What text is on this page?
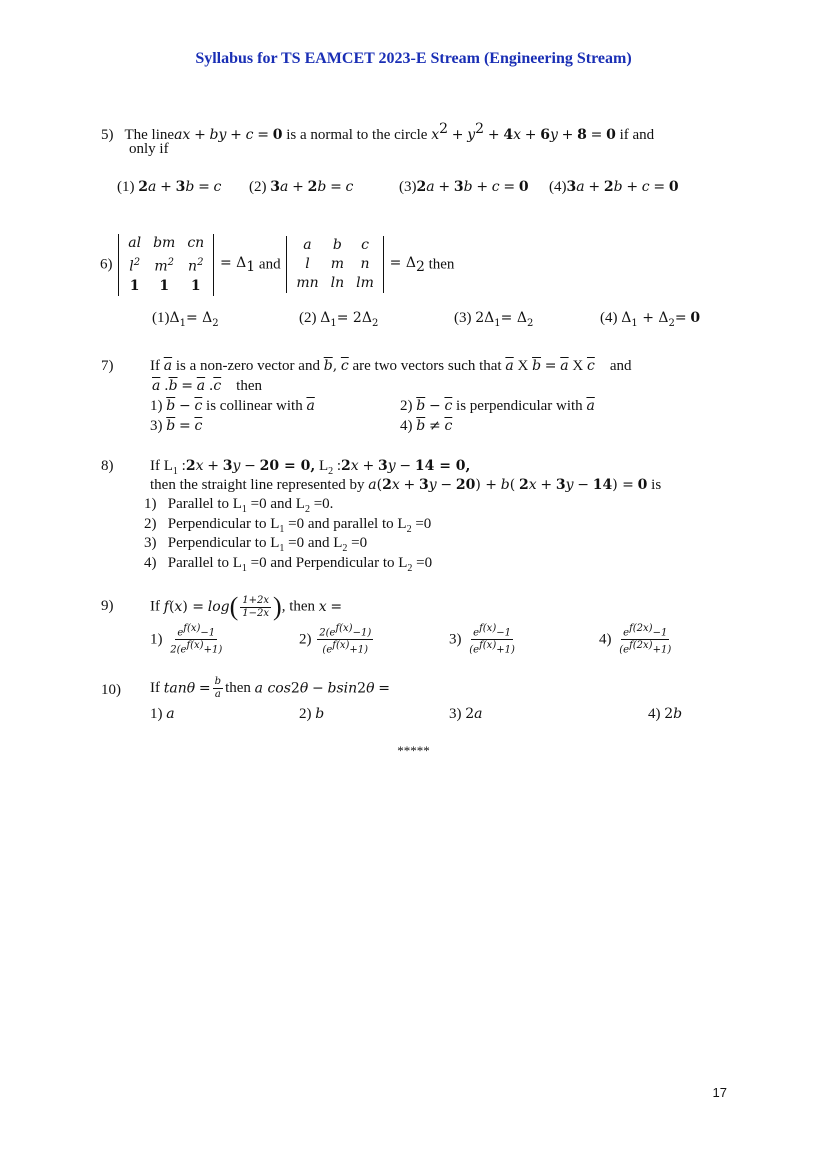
Syllabus for TS EAMCET 2023-E Stream (Engineering Stream)
5) The lineax + by + c = 0 is a normal to the circle $x^2 + y^2 + 4x + 6y + 8 = 0$ if and
only if
(1) 2a + 3b = c (2) 3a + 2b = c	(3)2a + 3b + c = 0 (4)3a + 2b + c = 0
6)
al	bm	cn
$l^2$	$m^2$	$n^2$
1	1	1
= $\Delta_1$ and
a	b	c
l	m	n
mn	ln	lm
= $\Delta_2$ then
$(1)\Delta_1= \Delta_2$	(2) $\Delta_1= 2\Delta_2$	(3) $2\Delta_1= \Delta_2$	(4) $\Delta_1 + \Delta_2= 0$
7) If $\overline{a}$ is a non-zero vector and $\overline{b}$, $\overline{c}$ are two vectors such that $\overline{a}$ X $\overline{b} = \overline{a}$ X $\overline{c}$ and
$\overline{a}$ $.\overline{b} = \overline{a}$ $.\overline{c}$ then
1) $\overline{b} - \overline{c}$ is collinear with $\overline{a}$	2) $\overline{b} - \overline{c}$ is perpendicular with $\overline{a}$
3) $\overline{b} = \overline{c}$	4) $\overline{b} \ne \overline{c}$
8) If $L_1$ :2x + 3y − 20 = 0, $L_2$ :2x + 3y − 14 = 0,
then the straight line represented by a(2x + 3y − 20) + b( 2x + 3y − 14) = 0 is
1)   Parallel to $L_1 =0$ and $L_2 =0$.
2)   Perpendicular to $L_1 =0$ and parallel to $L_2 =0$
3)   Perpendicular to $L_1 =0$ and $L_2 =0$
4)   Parallel to $L_1 =0$ and Perpendicular to $L_2 =0$
9) If $f(x) = \log( \frac{1+2x}{1-2x}$ ), then x =
$1) \frac{e^{f(x)}-1}{2(e^{f(x)}+1)}$	$2) \frac{2(e^{f(x)}-1)}{(e^{f(x)}+1)}$	$3) \frac{e^{f(x)}-1}{(e^{f(x)}+1)}$	$4) \frac{e^{f(2x)}-1}{(e^{f(2x)}+1)}$
10) If $\tan\theta = \frac{b}{a}$ then a cos2θ − bsin2θ =
1) a	2) b	3) 2a	4) 2b
*****
17
